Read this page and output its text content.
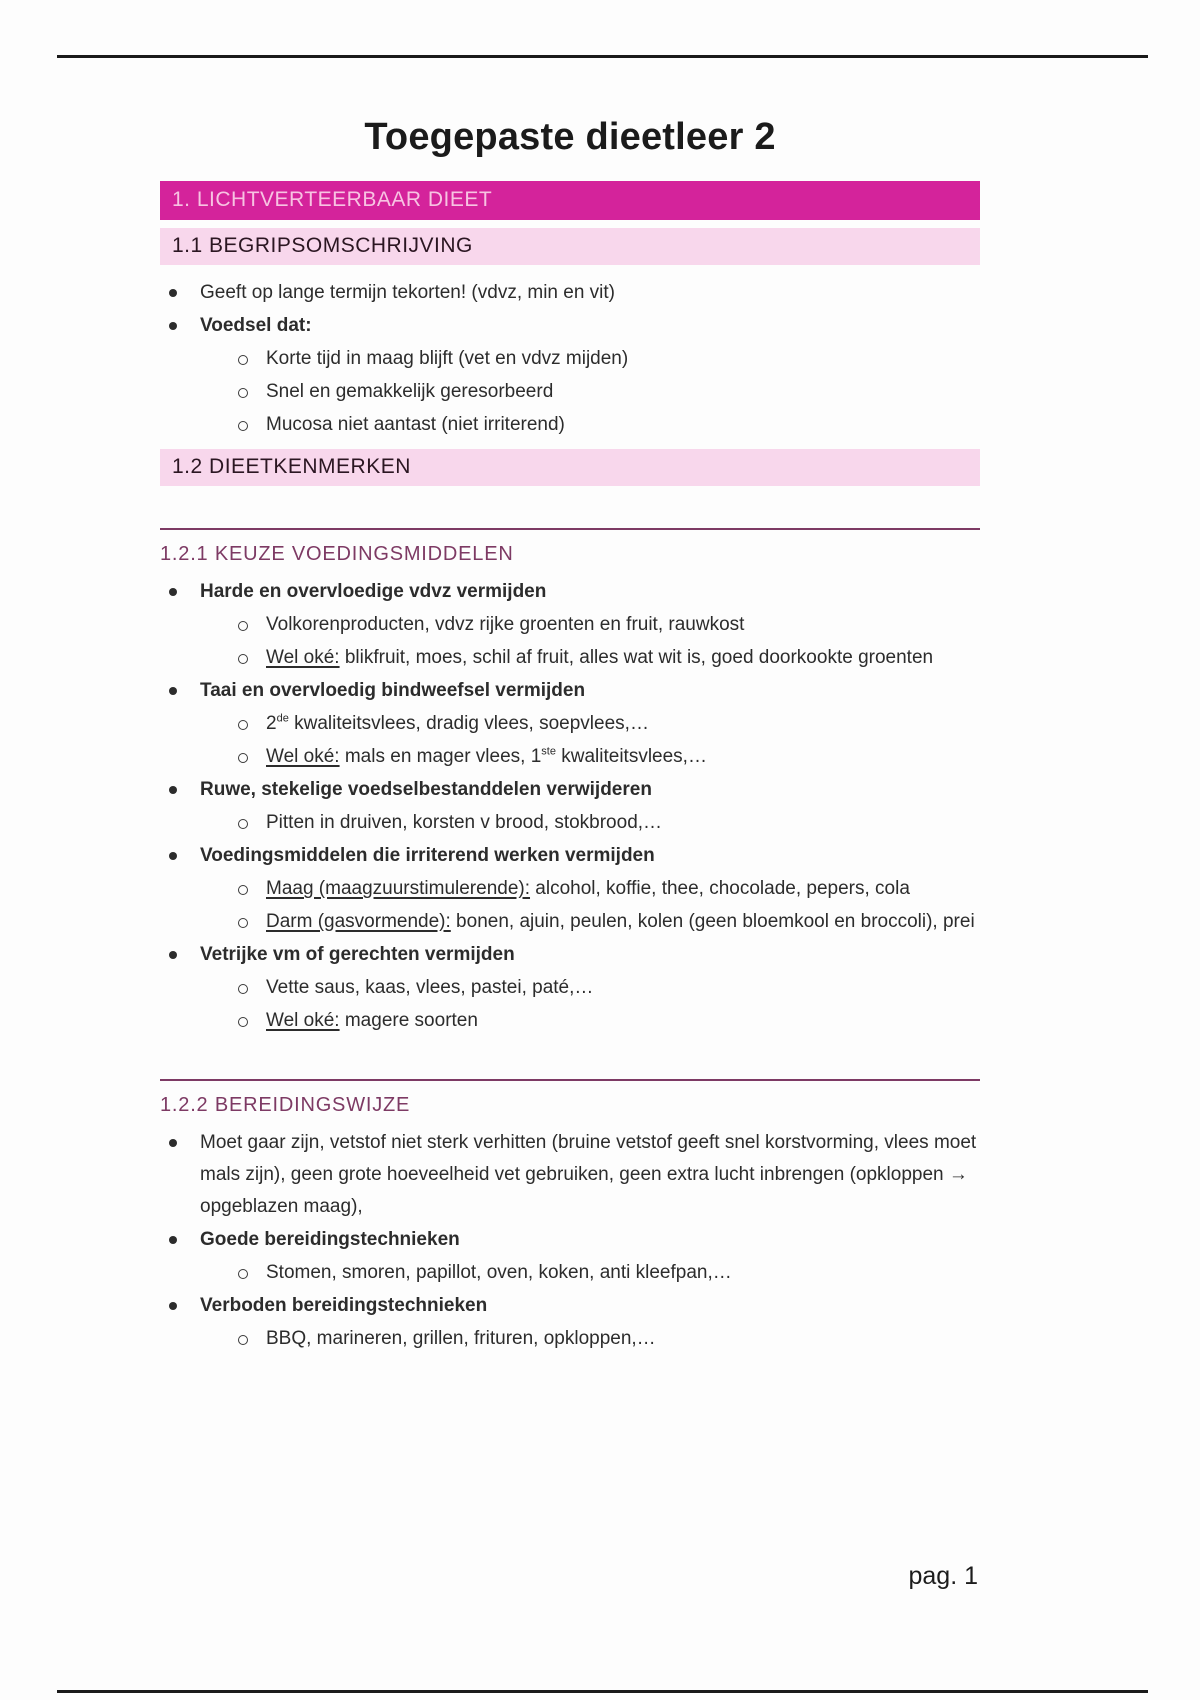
Toegepaste dieetleer 2
1. LICHTVERTEERBAAR DIEET
1.1 BEGRIPSOMSCHRIJVING
Geeft op lange termijn tekorten! (vdvz, min en vit)
Voedsel dat:
Korte tijd in maag blijft (vet en vdvz mijden)
Snel en gemakkelijk geresorbeerd
Mucosa niet aantast (niet irriterend)
1.2 DIEETKENMERKEN
1.2.1 KEUZE VOEDINGSMIDDELEN
Harde en overvloedige vdvz vermijden
Volkorenproducten, vdvz rijke groenten en fruit, rauwkost
Wel oké: blikfruit, moes, schil af fruit, alles wat wit is, goed doorkookte groenten
Taai en overvloedig bindweefsel vermijden
2de kwaliteitsvlees, dradig vlees, soepvlees,…
Wel oké: mals en mager vlees, 1ste kwaliteitsvlees,…
Ruwe, stekelige voedselbestanddelen verwijderen
Pitten in druiven, korsten v brood, stokbrood,…
Voedingsmiddelen die irriterend werken vermijden
Maag (maagzuurstimulerende): alcohol, koffie, thee, chocolade, pepers, cola
Darm (gasvormende): bonen, ajuin, peulen, kolen (geen bloemkool en broccoli), prei
Vetrijke vm of gerechten vermijden
Vette saus, kaas, vlees, pastei, paté,…
Wel oké: magere soorten
1.2.2 BEREIDINGSWIJZE
Moet gaar zijn, vetstof niet sterk verhitten (bruine vetstof geeft snel korstvorming, vlees moet mals zijn), geen grote hoeveelheid vet gebruiken, geen extra lucht inbrengen (opkloppen → opgeblazen maag),
Goede bereidingstechnieken
Stomen, smoren, papillot, oven, koken, anti kleefpan,…
Verboden bereidingstechnieken
BBQ, marineren, grillen, frituren, opkloppen,…
pag. 1
